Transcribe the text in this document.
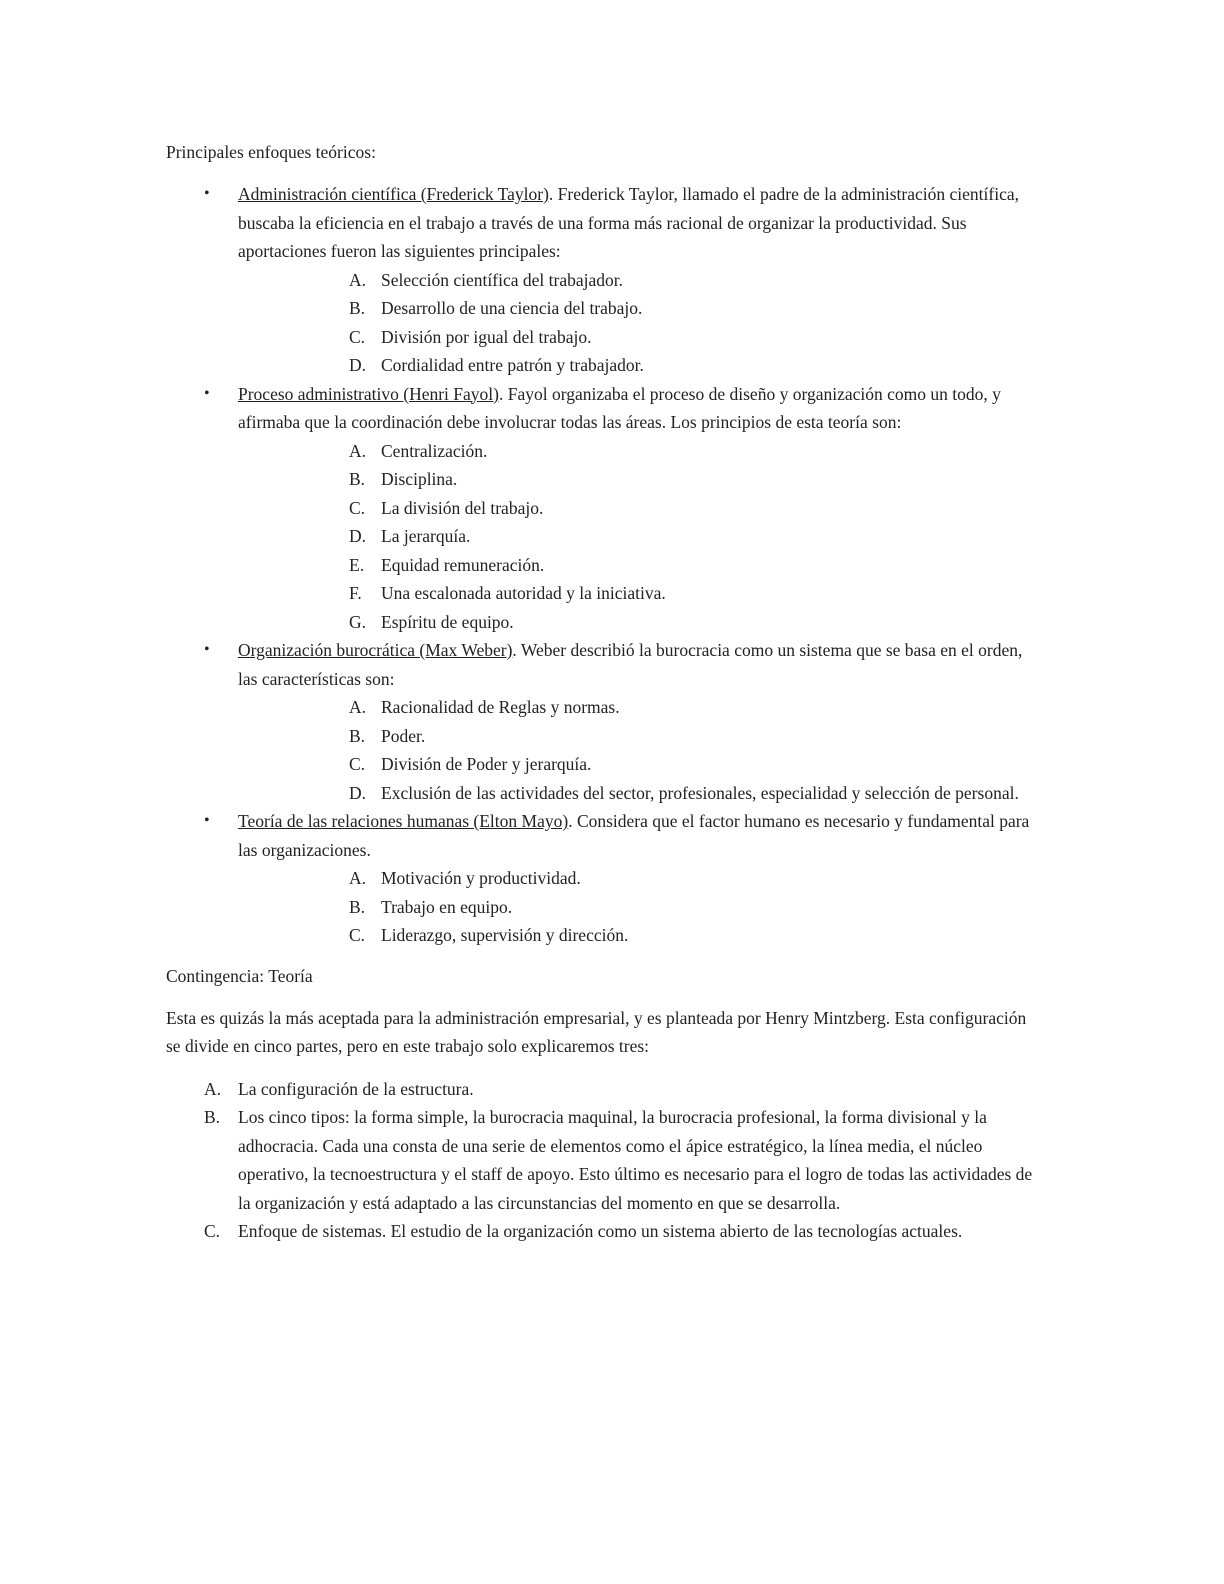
Principales enfoques teóricos:
• Administración científica (Frederick Taylor). Frederick Taylor, llamado el padre de la administración científica, buscaba la eficiencia en el trabajo a través de una forma más racional de organizar la productividad. Sus aportaciones fueron las siguientes principales:
A. Selección científica del trabajador.
B. Desarrollo de una ciencia del trabajo.
C. División por igual del trabajo.
D. Cordialidad entre patrón y trabajador.
• Proceso administrativo (Henri Fayol). Fayol organizaba el proceso de diseño y organización como un todo, y afirmaba que la coordinación debe involucrar todas las áreas. Los principios de esta teoría son:
A. Centralización.
B. Disciplina.
C. La división del trabajo.
D. La jerarquía.
E. Equidad remuneración.
F. Una escalonada autoridad y la iniciativa.
G. Espíritu de equipo.
• Organización burocrática (Max Weber). Weber describió la burocracia como un sistema que se basa en el orden, las características son:
A. Racionalidad de Reglas y normas.
B. Poder.
C. División de Poder y jerarquía.
D. Exclusión de las actividades del sector, profesionales, especialidad y selección de personal.
• Teoría de las relaciones humanas (Elton Mayo). Considera que el factor humano es necesario y fundamental para las organizaciones.
A. Motivación y productividad.
B. Trabajo en equipo.
C. Liderazgo, supervisión y dirección.
Contingencia: Teoría

Esta es quizás la más aceptada para la administración empresarial, y es planteada por Henry Mintzberg. Esta configuración se divide en cinco partes, pero en este trabajo solo explicaremos tres:

A. La configuración de la estructura.
B. Los cinco tipos: la forma simple, la burocracia maquinal, la burocracia profesional, la forma divisional y la adhocracia. Cada una consta de una serie de elementos como el ápice estratégico, la línea media, el núcleo operativo, la tecnoestructura y el staff de apoyo. Esto último es necesario para el logro de todas las actividades de la organización y está adaptado a las circunstancias del momento en que se desarrolla.
C. Enfoque de sistemas. El estudio de la organización como un sistema abierto de las tecnologías actuales.
